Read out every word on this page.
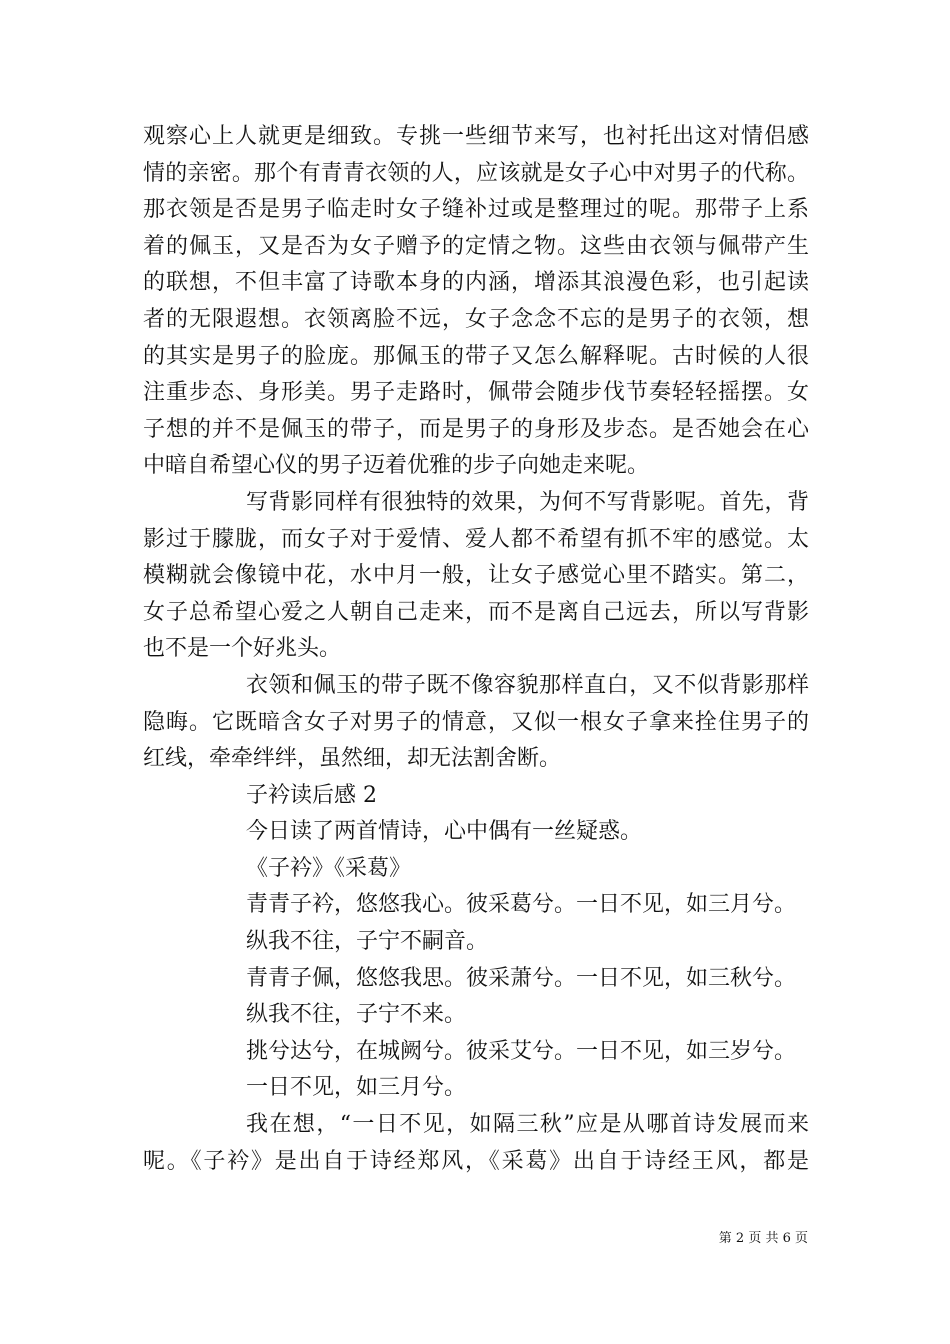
观察心上人就更是细致。专挑一些细节来写，也衬托出这对情侣感
情的亲密。那个有青青衣领的人，应该就是女子心中对男子的代称。
那衣领是否是男子临走时女子缝补过或是整理过的呢。那带子上系
着的佩玉，又是否为女子赠予的定情之物。这些由衣领与佩带产生
的联想，不但丰富了诗歌本身的内涵，增添其浪漫色彩，也引起读
者的无限遐想。衣领离脸不远，女子念念不忘的是男子的衣领，想
的其实是男子的脸庞。那佩玉的带子又怎么解释呢。古时候的人很
注重步态、身形美。男子走路时，佩带会随步伐节奏轻轻摇摆。女
子想的并不是佩玉的带子，而是男子的身形及步态。是否她会在心
中暗自希望心仪的男子迈着优雅的步子向她走来呢。
写背影同样有很独特的效果，为何不写背影呢。首先，背
影过于朦胧，而女子对于爱情、爱人都不希望有抓不牢的感觉。太
模糊就会像镜中花，水中月一般，让女子感觉心里不踏实。第二，
女子总希望心爱之人朝自己走来，而不是离自己远去，所以写背影
也不是一个好兆头。
衣领和佩玉的带子既不像容貌那样直白，又不似背影那样
隐晦。它既暗含女子对男子的情意，又似一根女子拿来拴住男子的
红线，牵牵绊绊，虽然细，却无法割舍断。
子衿读后感 2
今日读了两首情诗，心中偶有一丝疑惑。
《子衿》《采葛》
青青子衿，悠悠我心。彼采葛兮。一日不见，如三月兮。
纵我不往，子宁不嗣音。
青青子佩，悠悠我思。彼采萧兮。一日不见，如三秋兮。
纵我不往，子宁不来。
挑兮达兮，在城阙兮。彼采艾兮。一日不见，如三岁兮。
一日不见，如三月兮。
我在想，“一日不见，如隔三秋”应是从哪首诗发展而来
呢。《子衿》是出自于诗经郑风，《采葛》出自于诗经王风，都是
第 2 页 共 6 页
